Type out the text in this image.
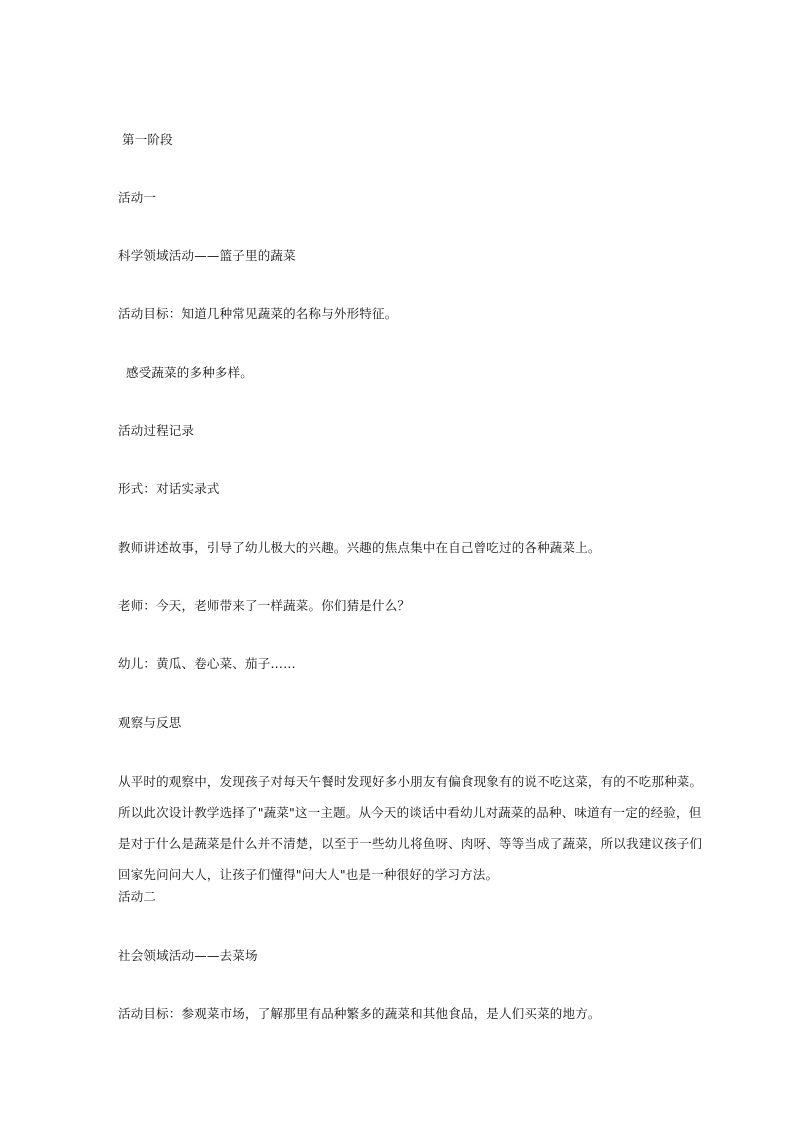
第一阶段
活动一
科学领域活动——篮子里的蔬菜
活动目标：知道几种常见蔬菜的名称与外形特征。
感受蔬菜的多种多样。
活动过程记录
形式：对话实录式
教师讲述故事，引导了幼儿极大的兴趣。兴趣的焦点集中在自己曾吃过的各种蔬菜上。
老师：今天，老师带来了一样蔬菜。你们猜是什么？
幼儿：黄瓜、卷心菜、茄子……
观察与反思
从平时的观察中，发现孩子对每天午餐时发现好多小朋友有偏食现象有的说不吃这菜，有的不吃那种菜。
所以此次设计教学选择了"蔬菜"这一主题。从今天的谈话中看幼儿对蔬菜的品种、味道有一定的经验，但
是对于什么是蔬菜是什么并不清楚，以至于一些幼儿将鱼呀、肉呀、等等当成了蔬菜，所以我建议孩子们
回家先问问大人，让孩子们懂得"问大人"也是一种很好的学习方法。
活动二
社会领域活动——去菜场
活动目标：参观菜市场，了解那里有品种繁多的蔬菜和其他食品，是人们买菜的地方。
